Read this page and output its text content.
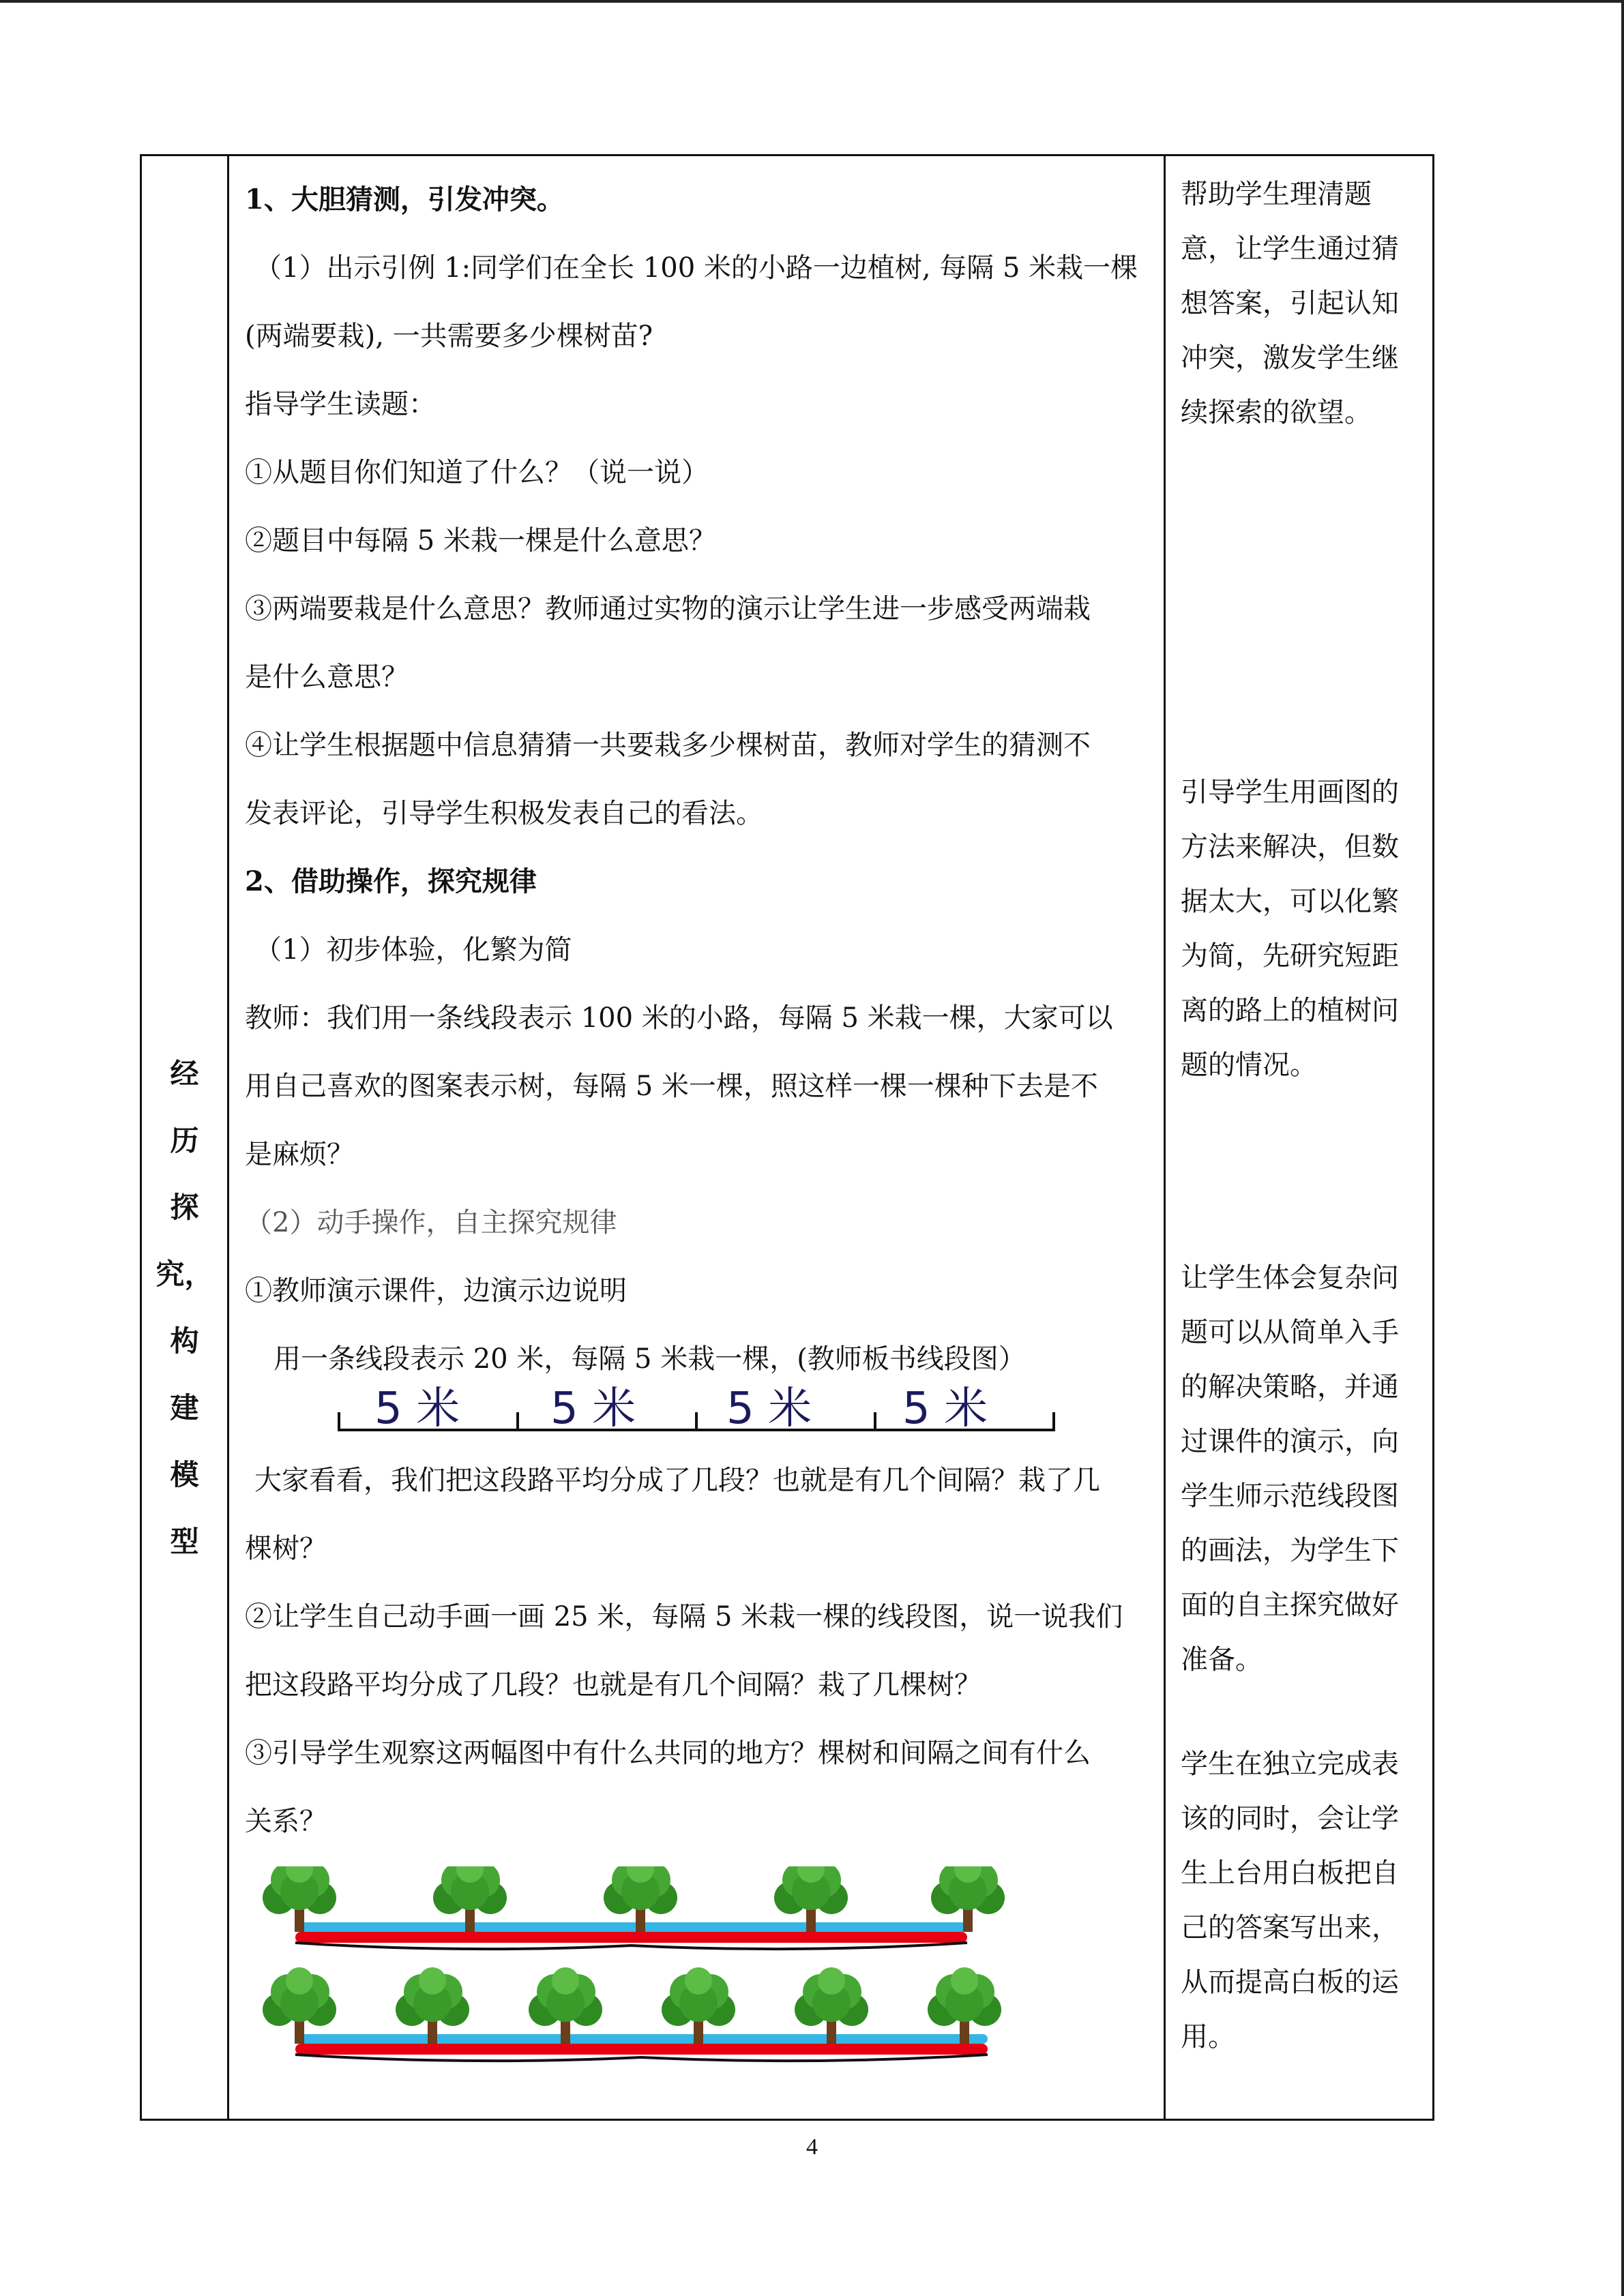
经
历
探
究，
构
建
模
型

1、大胆猜测，引发冲突。
（1）出示引例 1:同学们在全长 100 米的小路一边植树, 每隔 5 米栽一棵
(两端要栽), 一共需要多少棵树苗?
指导学生读题：
①从题目你们知道了什么？（说一说）
②题目中每隔 5 米栽一棵是什么意思？
③两端要栽是什么意思？教师通过实物的演示让学生进一步感受两端栽
是什么意思？
④让学生根据题中信息猜猜一共要栽多少棵树苗，教师对学生的猜测不
发表评论，引导学生积极发表自己的看法。
2、借助操作，探究规律
（1）初步体验，化繁为简
教师：我们用一条线段表示 100 米的小路，每隔 5 米栽一棵，大家可以
用自己喜欢的图案表示树，每隔 5 米一棵，照这样一棵一棵种下去是不
是麻烦？
（2）动手操作，自主探究规律
①教师演示课件，边演示边说明
用一条线段表示 20 米，每隔 5 米栽一棵，(教师板书线段图）
5 米 5 米 5 米 5 米
大家看看，我们把这段路平均分成了几段？也就是有几个间隔？栽了几
棵树？
②让学生自己动手画一画 25 米，每隔 5 米栽一棵的线段图，说一说我们
把这段路平均分成了几段？也就是有几个间隔？栽了几棵树？
③引导学生观察这两幅图中有什么共同的地方？棵树和间隔之间有什么
关系？

帮助学生理清题
意，让学生通过猜
想答案，引起认知
冲突，激发学生继
续探索的欲望。
引导学生用画图的
方法来解决，但数
据太大，可以化繁
为简，先研究短距
离的路上的植树问
题的情况。
让学生体会复杂问
题可以从简单入手
的解决策略，并通
过课件的演示，向
学生师示范线段图
的画法，为学生下
面的自主探究做好
准备。
学生在独立完成表
该的同时，会让学
生上台用白板把自
己的答案写出来，
从而提高白板的运
用。
4
